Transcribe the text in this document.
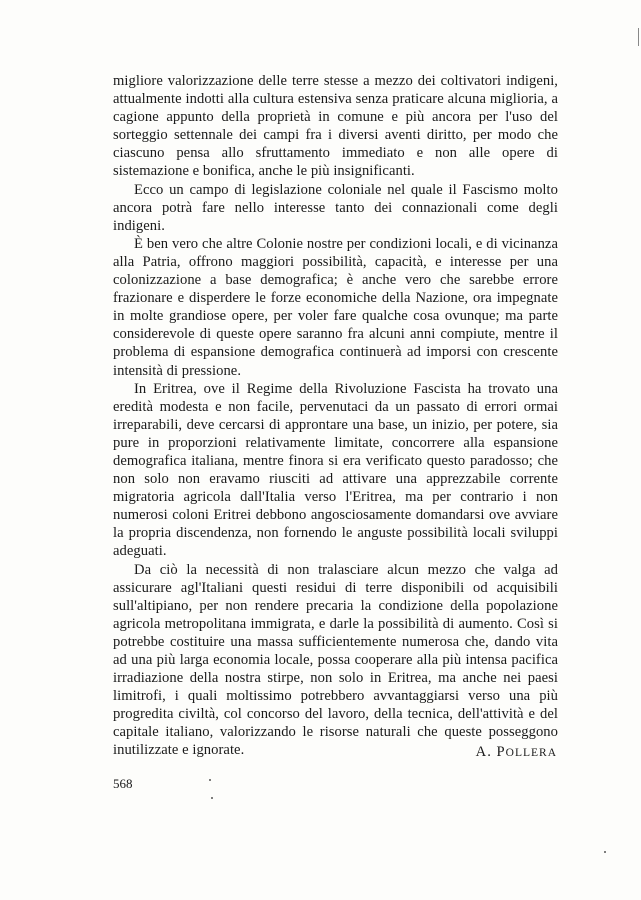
migliore valorizzazione delle terre stesse a mezzo dei coltivatori indigeni, attualmente indotti alla cultura estensiva senza praticare alcuna miglioria, a cagione appunto della proprietà in comune e più ancora per l'uso del sorteggio settennale dei campi fra i diversi aventi diritto, per modo che ciascuno pensa allo sfruttamento immediato e non alle opere di sistemazione e bonifica, anche le più insignificanti.

Ecco un campo di legislazione coloniale nel quale il Fascismo molto ancora potrà fare nello interesse tanto dei connazionali come degli indigeni.

È ben vero che altre Colonie nostre per condizioni locali, e di vicinanza alla Patria, offrono maggiori possibilità, capacità, e interesse per una colonizzazione a base demografica; è anche vero che sarebbe errore frazionare e disperdere le forze economiche della Nazione, ora impegnate in molte grandiose opere, per voler fare qualche cosa ovunque; ma parte considerevole di queste opere saranno fra alcuni anni compiute, mentre il problema di espansione demografica continuerà ad imporsi con crescente intensità di pressione.

In Eritrea, ove il Regime della Rivoluzione Fascista ha trovato una eredità modesta e non facile, pervenutaci da un passato di errori ormai irreparabili, deve cercarsi di approntare una base, un inizio, per potere, sia pure in proporzioni relativamente limitate, concorrere alla espansione demografica italiana, mentre finora si era verificato questo paradosso; che non solo non eravamo riusciti ad attivare una apprezzabile corrente migratoria agricola dall'Italia verso l'Eritrea, ma per contrario i non numerosi coloni Eritrei debbono angosciosamente domandarsi ove avviare la propria discendenza, non fornendo le anguste possibilità locali sviluppi adeguati.

Da ciò la necessità di non tralasciare alcun mezzo che valga ad assicurare agl'Italiani questi residui di terre disponibili od acquisibili sull'altipiano, per non rendere precaria la condizione della popolazione agricola metropolitana immigrata, e darle la possibilità di aumento. Così si potrebbe costituire una massa sufficientemente numerosa che, dando vita ad una più larga economia locale, possa cooperare alla più intensa pacifica irradiazione della nostra stirpe, non solo in Eritrea, ma anche nei paesi limitrofi, i quali moltissimo potrebbero avvantaggiarsi verso una più progredita civiltà, col concorso del lavoro, della tecnica, dell'attività e del capitale italiano, valorizzando le risorse naturali che queste posseggono inutilizzate e ignorate.	A. POLLERA
568
